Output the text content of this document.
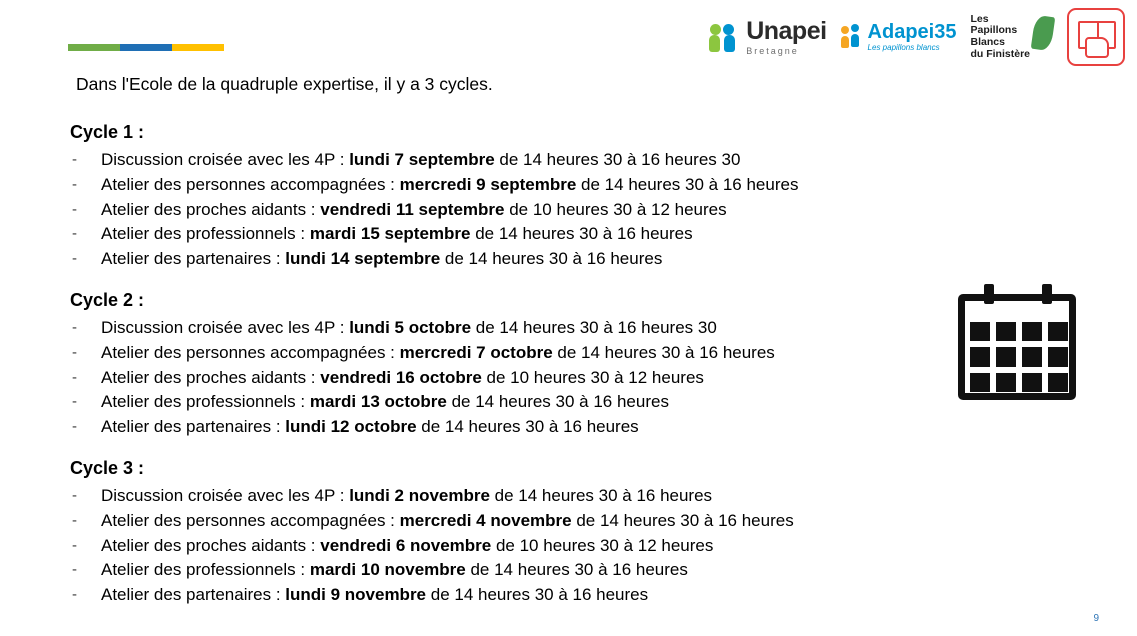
Unapei
Bretagne
Adapei35
Les papillons blancs
Les
Papillons
Blancs
du Finistère
Dans l'Ecole de la quadruple expertise, il y a 3 cycles.
Cycle 1 :
- Discussion croisée avec les 4P : lundi 7 septembre de 14 heures 30 à 16 heures 30
- Atelier des personnes accompagnées : mercredi 9 septembre de 14 heures 30 à 16 heures
- Atelier des proches aidants : vendredi 11 septembre de 10 heures 30 à 12 heures
- Atelier des professionnels : mardi 15 septembre de 14 heures 30 à 16 heures
- Atelier des partenaires : lundi 14 septembre de 14 heures 30 à 16 heures
Cycle 2 :
- Discussion croisée avec les 4P : lundi 5 octobre de 14 heures 30 à 16 heures 30
- Atelier des personnes accompagnées : mercredi 7 octobre de 14 heures 30 à 16 heures
- Atelier des proches aidants : vendredi 16 octobre de 10 heures 30 à 12 heures
- Atelier des professionnels : mardi 13 octobre de 14 heures 30 à 16 heures
- Atelier des partenaires : lundi 12 octobre de 14 heures 30 à 16 heures
Cycle 3 :
- Discussion croisée avec les 4P : lundi 2 novembre de 14 heures 30 à 16 heures
- Atelier des personnes accompagnées : mercredi 4 novembre de 14 heures 30 à 16 heures
- Atelier des proches aidants : vendredi 6 novembre de 10 heures 30 à 12 heures
- Atelier des professionnels : mardi 10 novembre de 14 heures 30 à 16 heures
- Atelier des partenaires : lundi 9 novembre de 14 heures 30 à 16 heures
9
